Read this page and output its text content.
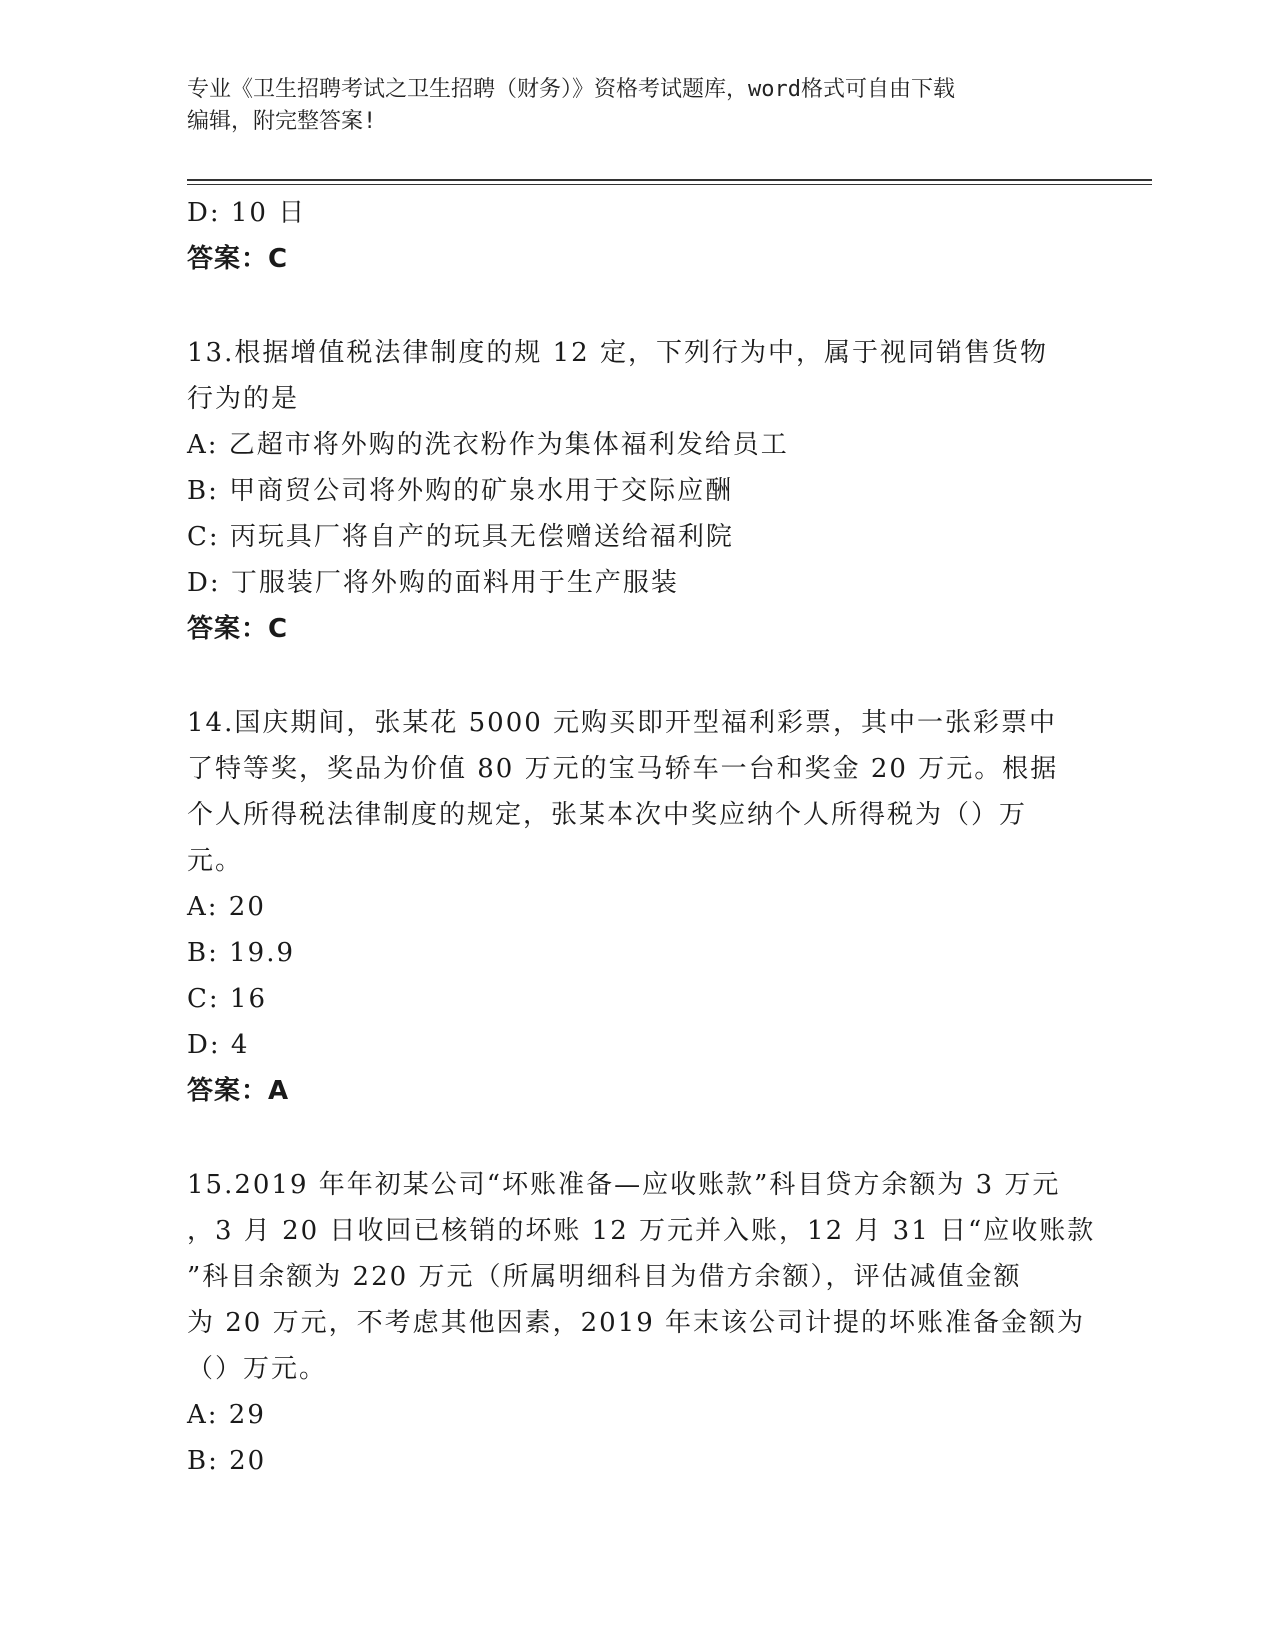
专业《卫生招聘考试之卫生招聘（财务）》资格考试题库，word格式可自由下载

编辑，附完整答案!

D: 10 日

答案：C

13.根据增值税法律制度的规 12 定，下列行为中，属于视同销售货物

行为的是

A: 乙超市将外购的洗衣粉作为集体福利发给员工

B: 甲商贸公司将外购的矿泉水用于交际应酬

C: 丙玩具厂将自产的玩具无偿赠送给福利院

D: 丁服装厂将外购的面料用于生产服装

答案：C

14.国庆期间，张某花 5000 元购买即开型福利彩票，其中一张彩票中

了特等奖，奖品为价值 80 万元的宝马轿车一台和奖金 20 万元。根据

个人所得税法律制度的规定，张某本次中奖应纳个人所得税为（）万

元。

A: 20

B: 19.9

C: 16

D: 4

答案：A

15.2019 年年初某公司“坏账准备—应收账款”科目贷方余额为 3 万元

，3 月 20 日收回已核销的坏账 12 万元并入账，12 月 31 日“应收账款

”科目余额为 220 万元（所属明细科目为借方余额），评估减值金额

为 20 万元，不考虑其他因素，2019 年末该公司计提的坏账准备金额为

（）万元。

A: 29

B: 20
